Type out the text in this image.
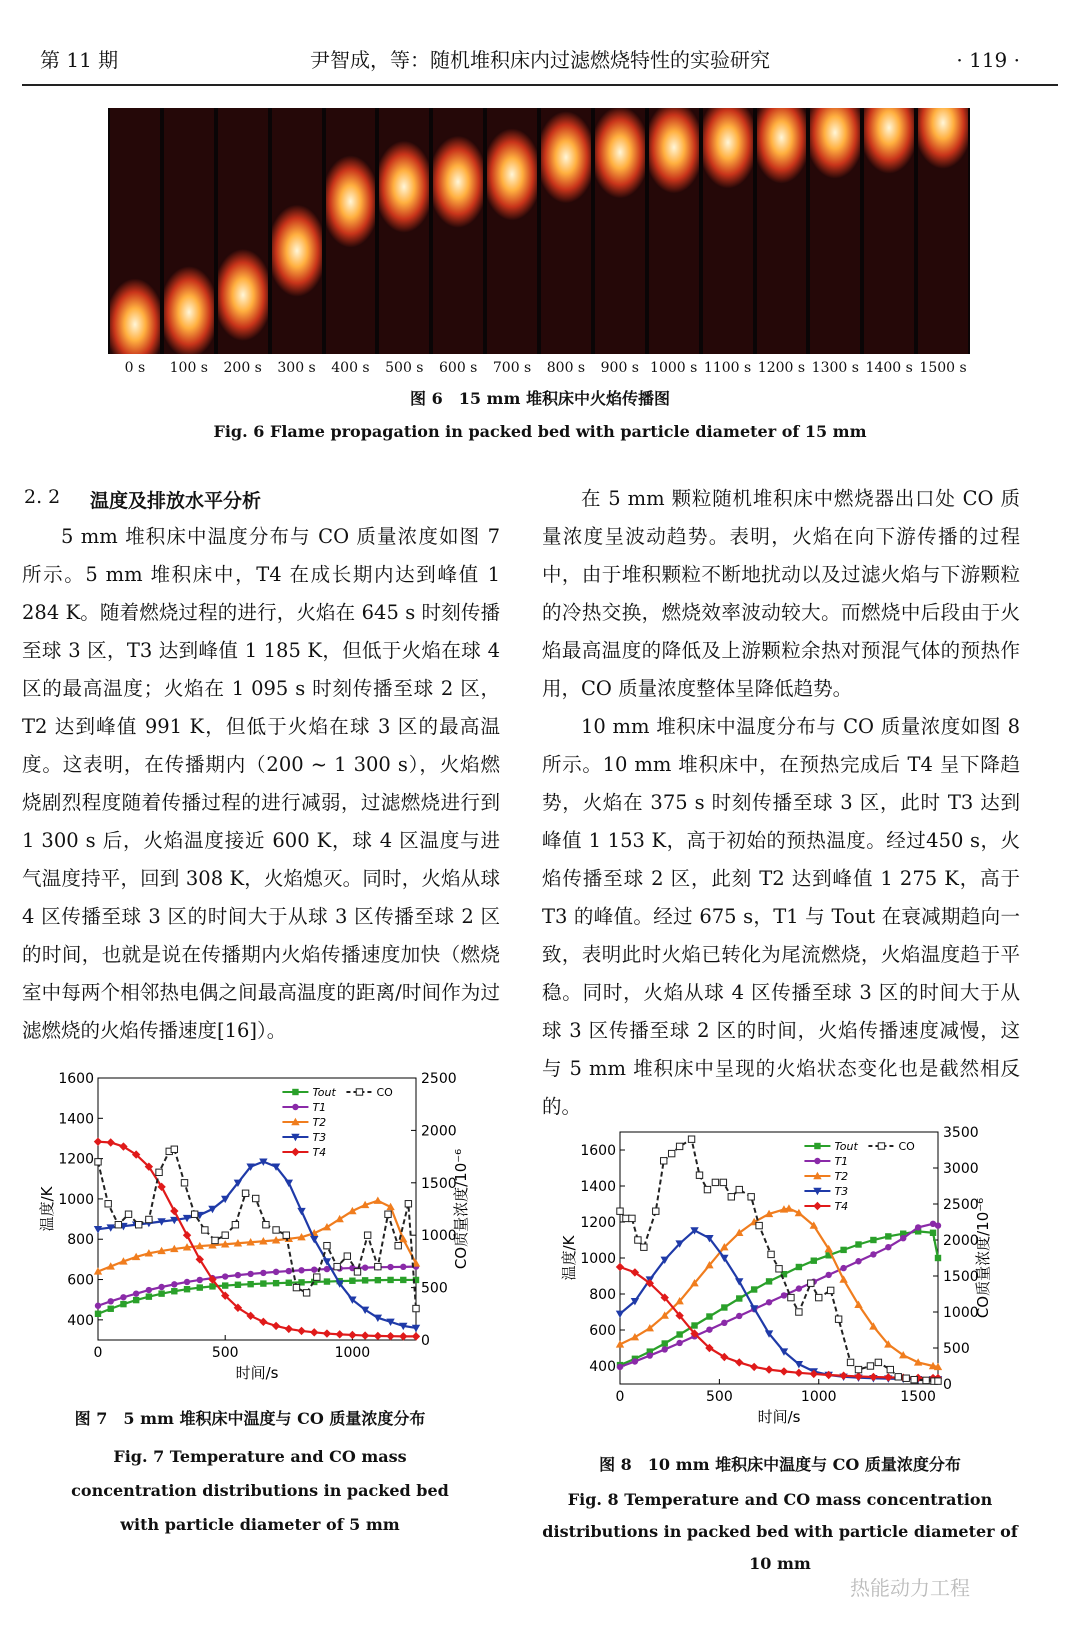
第 11 期	尹智成，等：随机堆积床内过滤燃烧特性的实验研究	· 119 ·
0 s	100 s	200 s	300 s	400 s	500 s	600 s	700 s	800 s	900 s 1000 s 1100 s 1200 s 1300 s 1400 s 1500 s
图 6　15 mm 堆积床中火焰传播图
Fig. 6 Flame propagation in packed bed with particle diameter of 15 mm
2. 2 温度及排放水平分析

5 mm 堆积床中温度分布与 CO 质量浓度如图 7 所示。5 mm 堆积床中，T4 在成长期内达到峰值 1 284 K。随着燃烧过程的进行，火焰在 645 s 时刻传播至球 3 区，T3 达到峰值 1 185 K，但低于火焰在球 4 区的最高温度；火焰在 1 095 s 时刻传播至球 2 区，T2 达到峰值 991 K，但低于火焰在球 3 区的最高温度。这表明，在传播期内（200 ~ 1 300 s），火焰燃烧剧烈程度随着传播过程的进行减弱，过滤燃烧进行到 1 300 s 后，火焰温度接近 600 K，球 4 区温度与进气温度持平，回到 308 K，火焰熄灭。同时，火焰从球 4 区传播至球 3 区的时间大于从球 3 区传播至球 2 区的时间，也就是说在传播期内火焰传播速度加快（燃烧室中每两个相邻热电偶之间最高温度的距离/时间作为过滤燃烧的火焰传播速度[16]）。

在 5 mm 颗粒随机堆积床中燃烧器出口处 CO 质量浓度呈波动趋势。表明，火焰在向下游传播的过程中，由于堆积颗粒不断地扰动以及过滤火焰与下游颗粒的冷热交换，燃烧效率波动较大。而燃烧中后段由于火焰最高温度的降低及上游颗粒余热对预混气体的预热作用，CO 质量浓度整体呈降低趋势。

10 mm 堆积床中温度分布与 CO 质量浓度如图 8 所示。10 mm 堆积床中，在预热完成后 T4 呈下降趋势，火焰在 375 s 时刻传播至球 3 区，此时 T3 达到峰值 1 153 K，高于初始的预热温度。经过450 s，火焰传播至球 2 区，此刻 T2 达到峰值 1 275 K，高于 T3 的峰值。经过 675 s，T1 与 Tout 在衰减期趋向一致，表明此时火焰已转化为尾流燃烧，火焰温度趋于平稳。同时，火焰从球 4 区传播至球 3 区的时间大于从球 3 区传播至球 2 区的时间，火焰传播速度减慢，这与 5 mm 堆积床中呈现的火焰状态变化也是截然相反的。

0	500	1000
400
600
800
1000
1200
1400
1600
0
500
1000
1500
2000
2500
时间/s
温度/K	CO质量浓度/10⁻⁶
Tout
T1
T2
T3
T4
CO
图 7　5 mm 堆积床中温度与 CO 质量浓度分布
Fig. 7 Temperature and CO mass concentration distributions in packed bed with particle diameter of 5 mm
0	500	1000	1500
400
600
800
1000
1200
1400
1600
0
500
1000
1500
2000
2500
3000
3500
时间/s
温度/K	CO质量浓度/10⁻⁶
Tout
T1
T2
T3
T4
CO
图 8　10 mm 堆积床中温度与 CO 质量浓度分布
Fig. 8 Temperature and CO mass concentration distributions in packed bed with particle diameter of 10 mm
热能动力工程
